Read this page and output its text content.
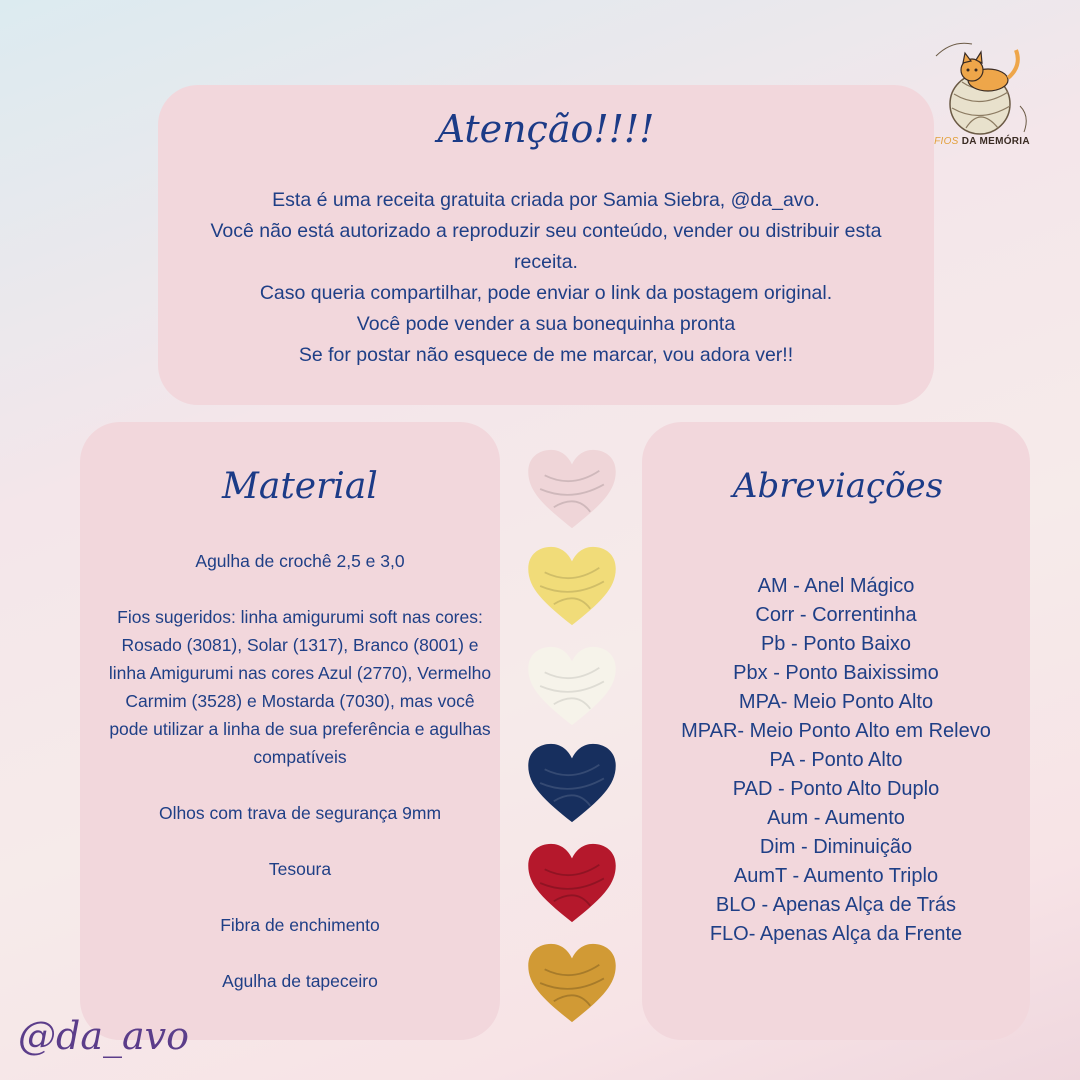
Atenção!!!!

Esta é uma receita gratuita criada por Samia Siebra, @da_avo.

Você não está autorizado a reproduzir seu conteúdo, vender ou distribuir esta receita.

Caso queria compartilhar, pode enviar o link da postagem original.

Você pode vender a sua bonequinha pronta

Se for postar não esquece de me marcar, vou adora ver!!

Material

Agulha de crochê 2,5 e 3,0

Fios sugeridos: linha amigurumi soft nas cores: Rosado (3081), Solar (1317), Branco (8001) e linha Amigurumi nas cores Azul (2770), Vermelho Carmim (3528) e Mostarda (7030), mas você pode utilizar a linha de sua preferência e agulhas compatíveis

Olhos com trava de segurança 9mm

Tesoura

Fibra de enchimento

Agulha de tapeceiro

Abreviações
AM - Anel Mágico
Corr - Correntinha
Pb - Ponto Baixo
Pbx - Ponto Baixissimo
MPA- Meio Ponto Alto
MPAR- Meio Ponto Alto em Relevo
PA - Ponto Alto
PAD - Ponto Alto Duplo
Aum - Aumento
Dim - Diminuição
AumT - Aumento Triplo
BLO - Apenas Alça de Trás
FLO- Apenas Alça da Frente
FIOS DA MEMÓRIA
@da_avo
